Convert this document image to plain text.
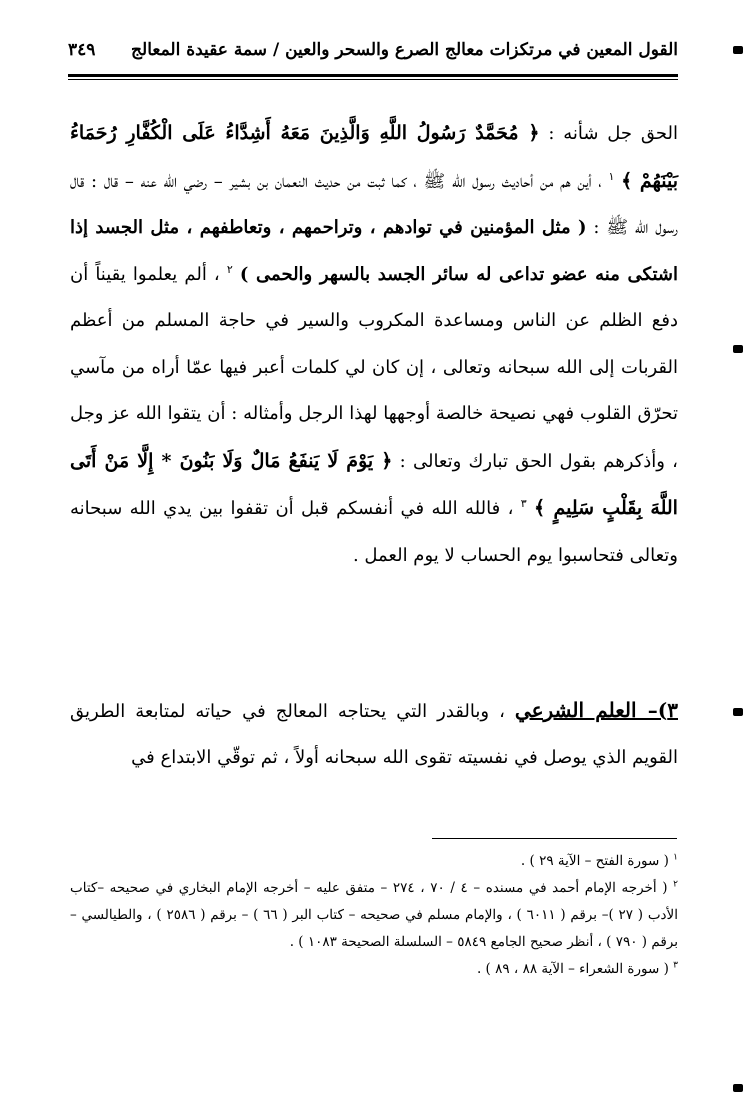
القول المعين في مرتكزات معالج الصرع والسحر والعين / سمة عقيدة المعالج
٣٤٩

الحق جل شأنه : ﴿ مُحَمَّدٌ رَسُولُ اللَّهِ وَالَّذِينَ مَعَهُ أَشِدَّاءُ عَلَى الْكُفَّارِ رُحَمَاءُ بَيْنَهُمْ ﴾ $^١$ ، أين هم من أحاديث رسول الله ﷺ ، كما ثبت من حديث النعمان بن بشير – رضي الله عنه – قال : قال رسول الله ﷺ : ( مثل المؤمنين في توادهم ، وتراحمهم ، وتعاطفهم ، مثل الجسد إذا اشتكى منه عضو تداعى له سائر الجسد بالسهر والحمى ) $^٢$ ، ألم يعلموا يقيناً أن دفع الظلم عن الناس ومساعدة المكروب والسير في حاجة المسلم من أعظم القربات إلى الله سبحانه وتعالى ، إن كان لي كلمات أعبر فيها عمّا أراه من مآسي تحرّق القلوب فهي نصيحة خالصة أوجهها لهذا الرجل وأمثاله : أن يتقوا الله عز وجل ، وأذكرهم بقول الحق تبارك وتعالى : ﴿ يَوْمَ لَا يَنفَعُ مَالٌ وَلَا بَنُونَ * إِلَّا مَنْ أَتَى اللَّهَ بِقَلْبٍ سَلِيمٍ ﴾ $^٣$ ، فالله الله في أنفسكم قبل أن تقفوا بين يدي الله سبحانه وتعالى فتحاسبوا يوم الحساب لا يوم العمل .

٣)– العلم الشرعي ، وبالقدر التي يحتاجه المعالج في حياته لمتابعة الطريق القويم الذي يوصل في نفسيته تقوى الله سبحانه أولاً ، ثم توقّي الابتداع في

$^١$ ( سورة الفتح – الآية ٢٩ ) .

$^٢$ ( أخرجه الإمام أحمد في مسنده – ٤ / ٧٠ ، ٢٧٤ – متفق عليه – أخرجه الإمام البخاري في صحيحه –كتاب الأدب ( ٢٧ )– برقم ( ٦٠١١ ) ، والإمام مسلم في صحيحه – كتاب البر ( ٦٦ ) – برقم ( ٢٥٨٦ ) ، والطيالسي – برقم ( ٧٩٠ ) ، أنظر صحيح الجامع ٥٨٤٩ – السلسلة الصحيحة ١٠٨٣ ) .

$^٣$ ( سورة الشعراء – الآية ٨٨ ، ٨٩ ) .
